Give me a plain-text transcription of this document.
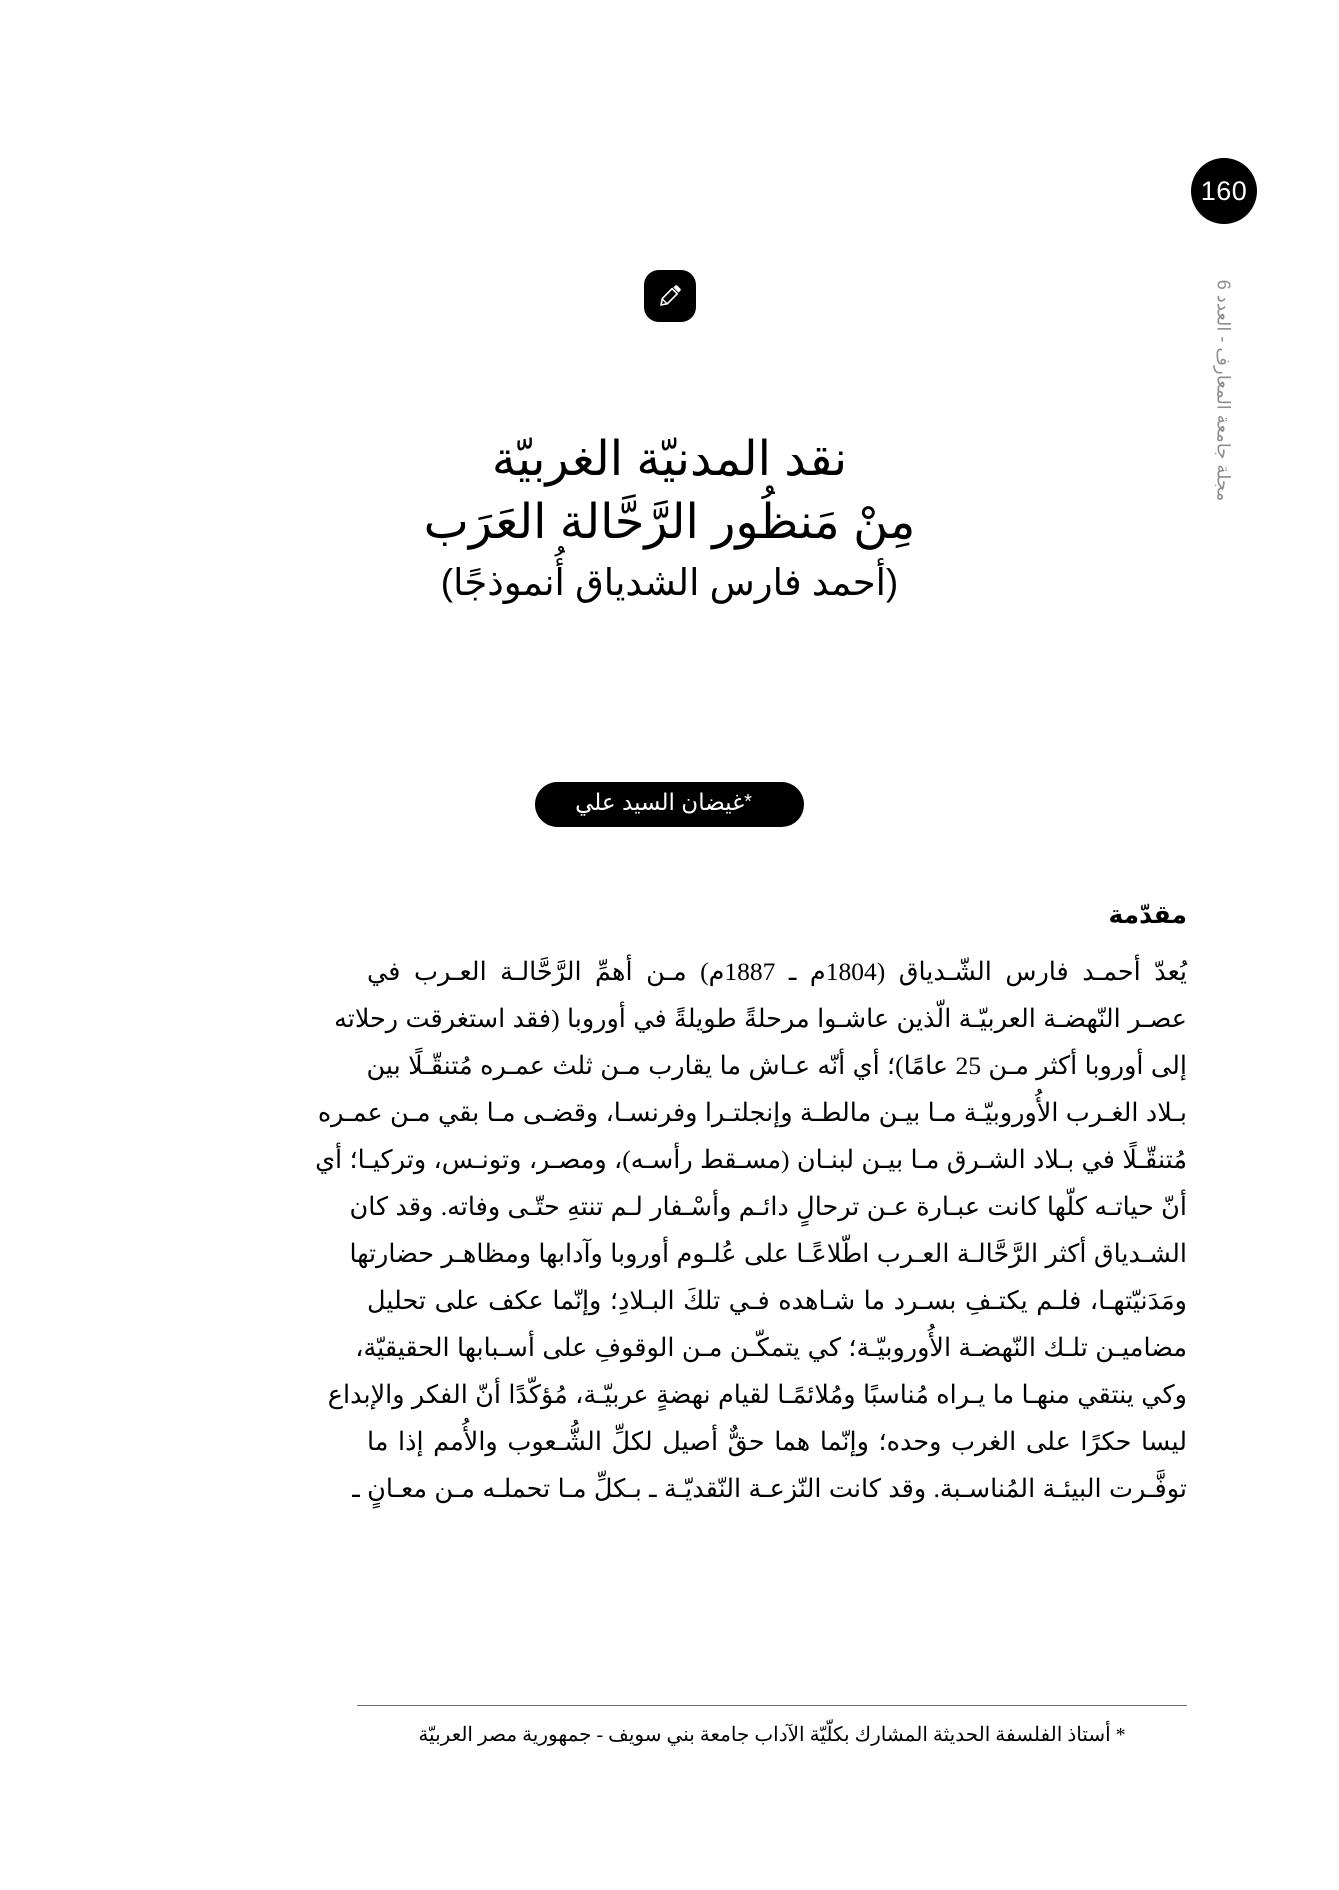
160
مجلة جامعة المعارف - العدد 6
نقد المدنيّة الغربيّة
مِنْ مَنظُور الرَّحَّالة العَرَب
(أحمد فارس الشدياق أُنموذجًا)
*غيضان السيد علي
مقدّمة
يُعدّ أحمـد فارس الشّـدياق (1804م ـ 1887م) مـن أهمِّ الرَّحَّالـة العـرب في
عصـر النّهضـة العربيّـة الّذين عاشـوا مرحلةً طويلةً في أوروبا (فقد استغرقت رحلاته
إلى أوروبا أكثر مـن 25 عامًا)؛ أي أنّه عـاش ما يقارب مـن ثلث عمـره مُتنقّـلًا بين
بـلاد الغـرب الأُوروبيّـة مـا بيـن مالطـة وإنجلتـرا وفرنسـا، وقضـى مـا بقي مـن عمـره
مُتنقّـلًا في بـلاد الشـرق مـا بيـن لبنـان (مسـقط رأسـه)، ومصـر، وتونـس، وتركيـا؛ أي
أنّ حياتـه كلّها كانت عبـارة عـن ترحالٍ دائـم وأسْـفار لـم تنتهِ حتّـى وفاته. وقد كان
الشـدياق أكثر الرَّحَّالـة العـرب اطّلاعًـا على عُلـوم أوروبا وآدابها ومظاهـر حضارتها
ومَدَنيّتهـا، فلـم يكتـفِ بسـرد ما شـاهده فـي تلكَ البـلادِ؛ وإنّما عكف على تحليل
مضاميـن تلـك النّهضـة الأُوروبيّـة؛ كي يتمكّـن مـن الوقوفِ على أسـبابها الحقيقيّة،
وكي ينتقي منهـا ما يـراه مُناسبًا ومُلائمًـا لقيام نهضةٍ عربيّـة، مُؤكّدًا أنّ الفكر والإبداع
ليسا حكرًا على الغرب وحده؛ وإنّما هما حقٌّ أصيل لكلِّ الشُّـعوب والأُمم إذا ما
توفَّـرت البيئـة المُناسـبة. وقد كانت النّزعـة النّقديّـة ـ بـكلِّ مـا تحملـه مـن معـانٍ ـ

* أستاذ الفلسفة الحديثة المشارك بكلّيّة الآداب جامعة بني سويف - جمهورية مصر العربيّة
